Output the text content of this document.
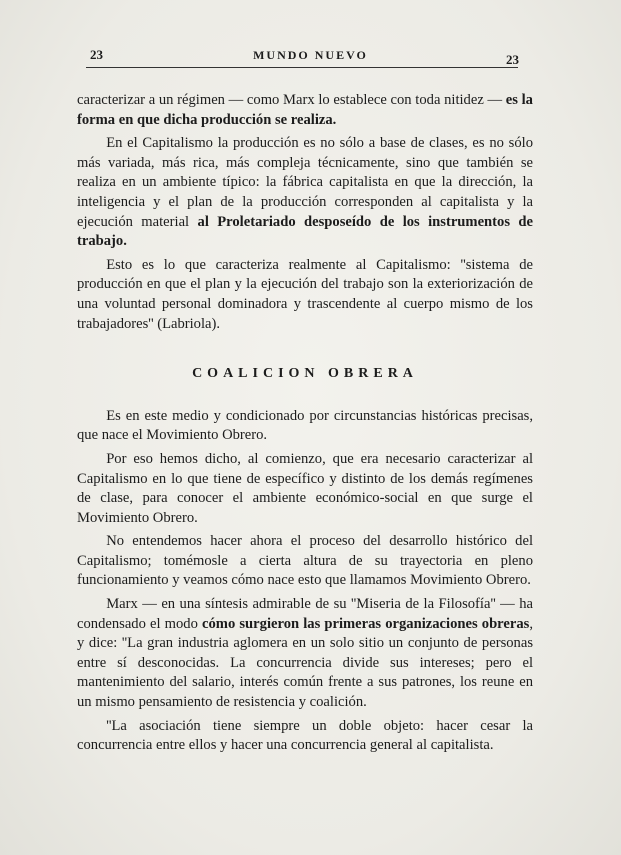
23	MUNDO NUEVO	23

caracterizar a un régimen — como Marx lo establece con toda nitidez — es la forma en que dicha producción se realiza.

En el Capitalismo la producción es no sólo a base de clases, es no sólo más variada, más rica, más compleja técnicamente, sino que también se realiza en un ambiente típico: la fábrica capitalista en que la dirección, la inteligencia y el plan de la producción corresponden al capitalista y la ejecución material al Proletariado desposeído de los instrumentos de trabajo.

Esto es lo que caracteriza realmente al Capitalismo: ''sistema de producción en que el plan y la ejecución del trabajo son la exteriorización de una voluntad personal dominadora y trascendente al cuerpo mismo de los trabajadores'' (Labriola).

COALICION OBRERA

Es en este medio y condicionado por circunstancias históricas precisas, que nace el Movimiento Obrero.

Por eso hemos dicho, al comienzo, que era necesario caracterizar al Capitalismo en lo que tiene de específico y distinto de los demás regímenes de clase, para conocer el ambiente económico-social en que surge el Movimiento Obrero.

No entendemos hacer ahora el proceso del desarrollo histórico del Capitalismo; tomémosle a cierta altura de su trayectoria en pleno funcionamiento y veamos cómo nace esto que llamamos Movimiento Obrero.

Marx — en una síntesis admirable de su ''Miseria de la Filosofía'' — ha condensado el modo cómo surgieron las primeras organizaciones obreras, y dice: ''La gran industria aglomera en un solo sitio un conjunto de personas entre sí desconocidas. La concurrencia divide sus intereses; pero el mantenimiento del salario, interés común frente a sus patrones, los reune en un mismo pensamiento de resistencia y coalición.

''La asociación tiene siempre un doble objeto: hacer cesar la concurrencia entre ellos y hacer una concurrencia general al capitalista.
